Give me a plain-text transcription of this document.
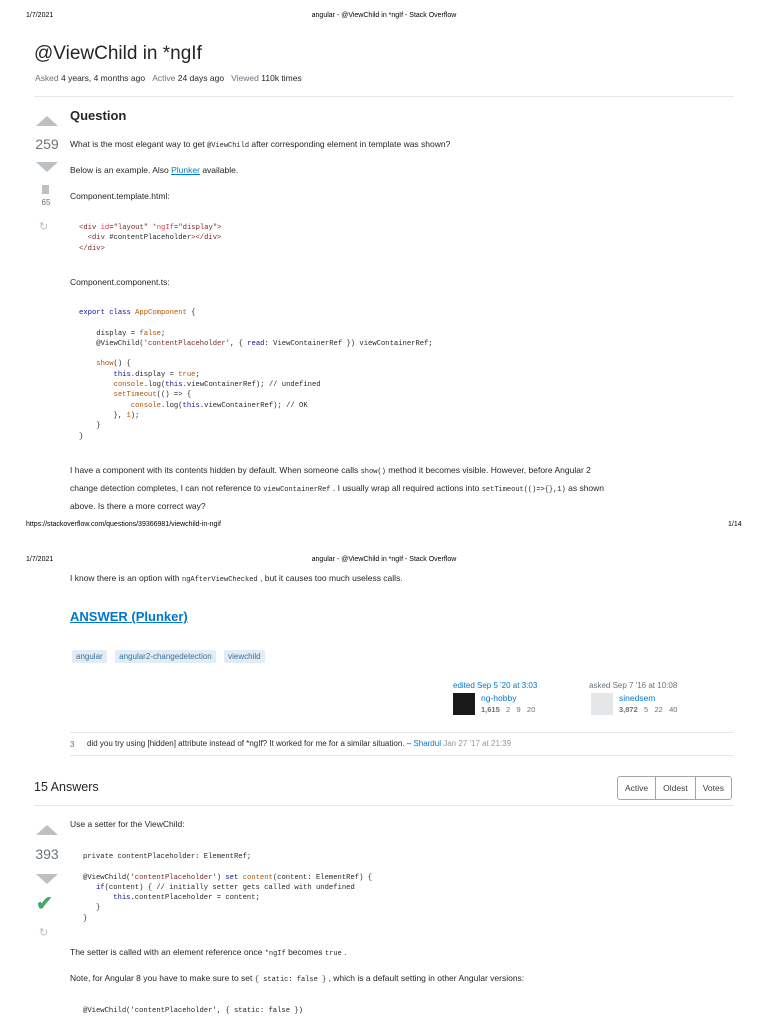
1/7/2021	angular - @ViewChild in *ngIf - Stack Overflow
@ViewChild in *ngIf
Asked 4 years, 4 months ago Active 24 days ago Viewed 110k times
Question
259
65
↻
What is the most elegant way to get @ViewChild after corresponding element in template was shown?
Below is an example. Also Plunker available.
Component.template.html:
<div id="layout" *ngIf="display">
<div #contentPlaceholder></div>
</div>
Component.component.ts:
export class AppComponent {

display = false;
@ViewChild('contentPlaceholder', { read: ViewContainerRef }) viewContainerRef;

show() {
this.display = true;
console.log(this.viewContainerRef); // undefined
setTimeout(() => {
console.log(this.viewContainerRef); // OK
}, 1);
}
}
I have a component with its contents hidden by default. When someone calls show() method it becomes visible. However, before Angular 2
change detection completes, I can not reference to viewContainerRef . I usually wrap all required actions into setTimeout(()=>{},1) as shown
above. Is there a more correct way?
https://stackoverflow.com/questions/39366981/viewchild-in-ngif	1/14
1/7/2021	angular - @ViewChild in *ngIf - Stack Overflow
I know there is an option with ngAfterViewChecked , but it causes too much useless calls.
ANSWER (Plunker)
angular angular2-changedetection viewchild
edited Sep 5 '20 at 3:03
ng-hobby
1,615 2 9 20
asked Sep 7 '16 at 10:08
sinedsem
3,872 5 22 40
3 did you try using [hidden] attribute instead of *ngIf? It worked for me for a similar situation. – Shardul Jan 27 '17 at 21:39
15 Answers	Active Oldest Votes
393
✔
↻
Use a setter for the ViewChild:
private contentPlaceholder: ElementRef;

@ViewChild('contentPlaceholder') set content(content: ElementRef) {
if(content) { // initially setter gets called with undefined
this.contentPlaceholder = content;
}
}
The setter is called with an element reference once *ngIf becomes true .
Note, for Angular 8 you have to make sure to set { static: false } , which is a default setting in other Angular versions:
@ViewChild('contentPlaceholder', { static: false })
